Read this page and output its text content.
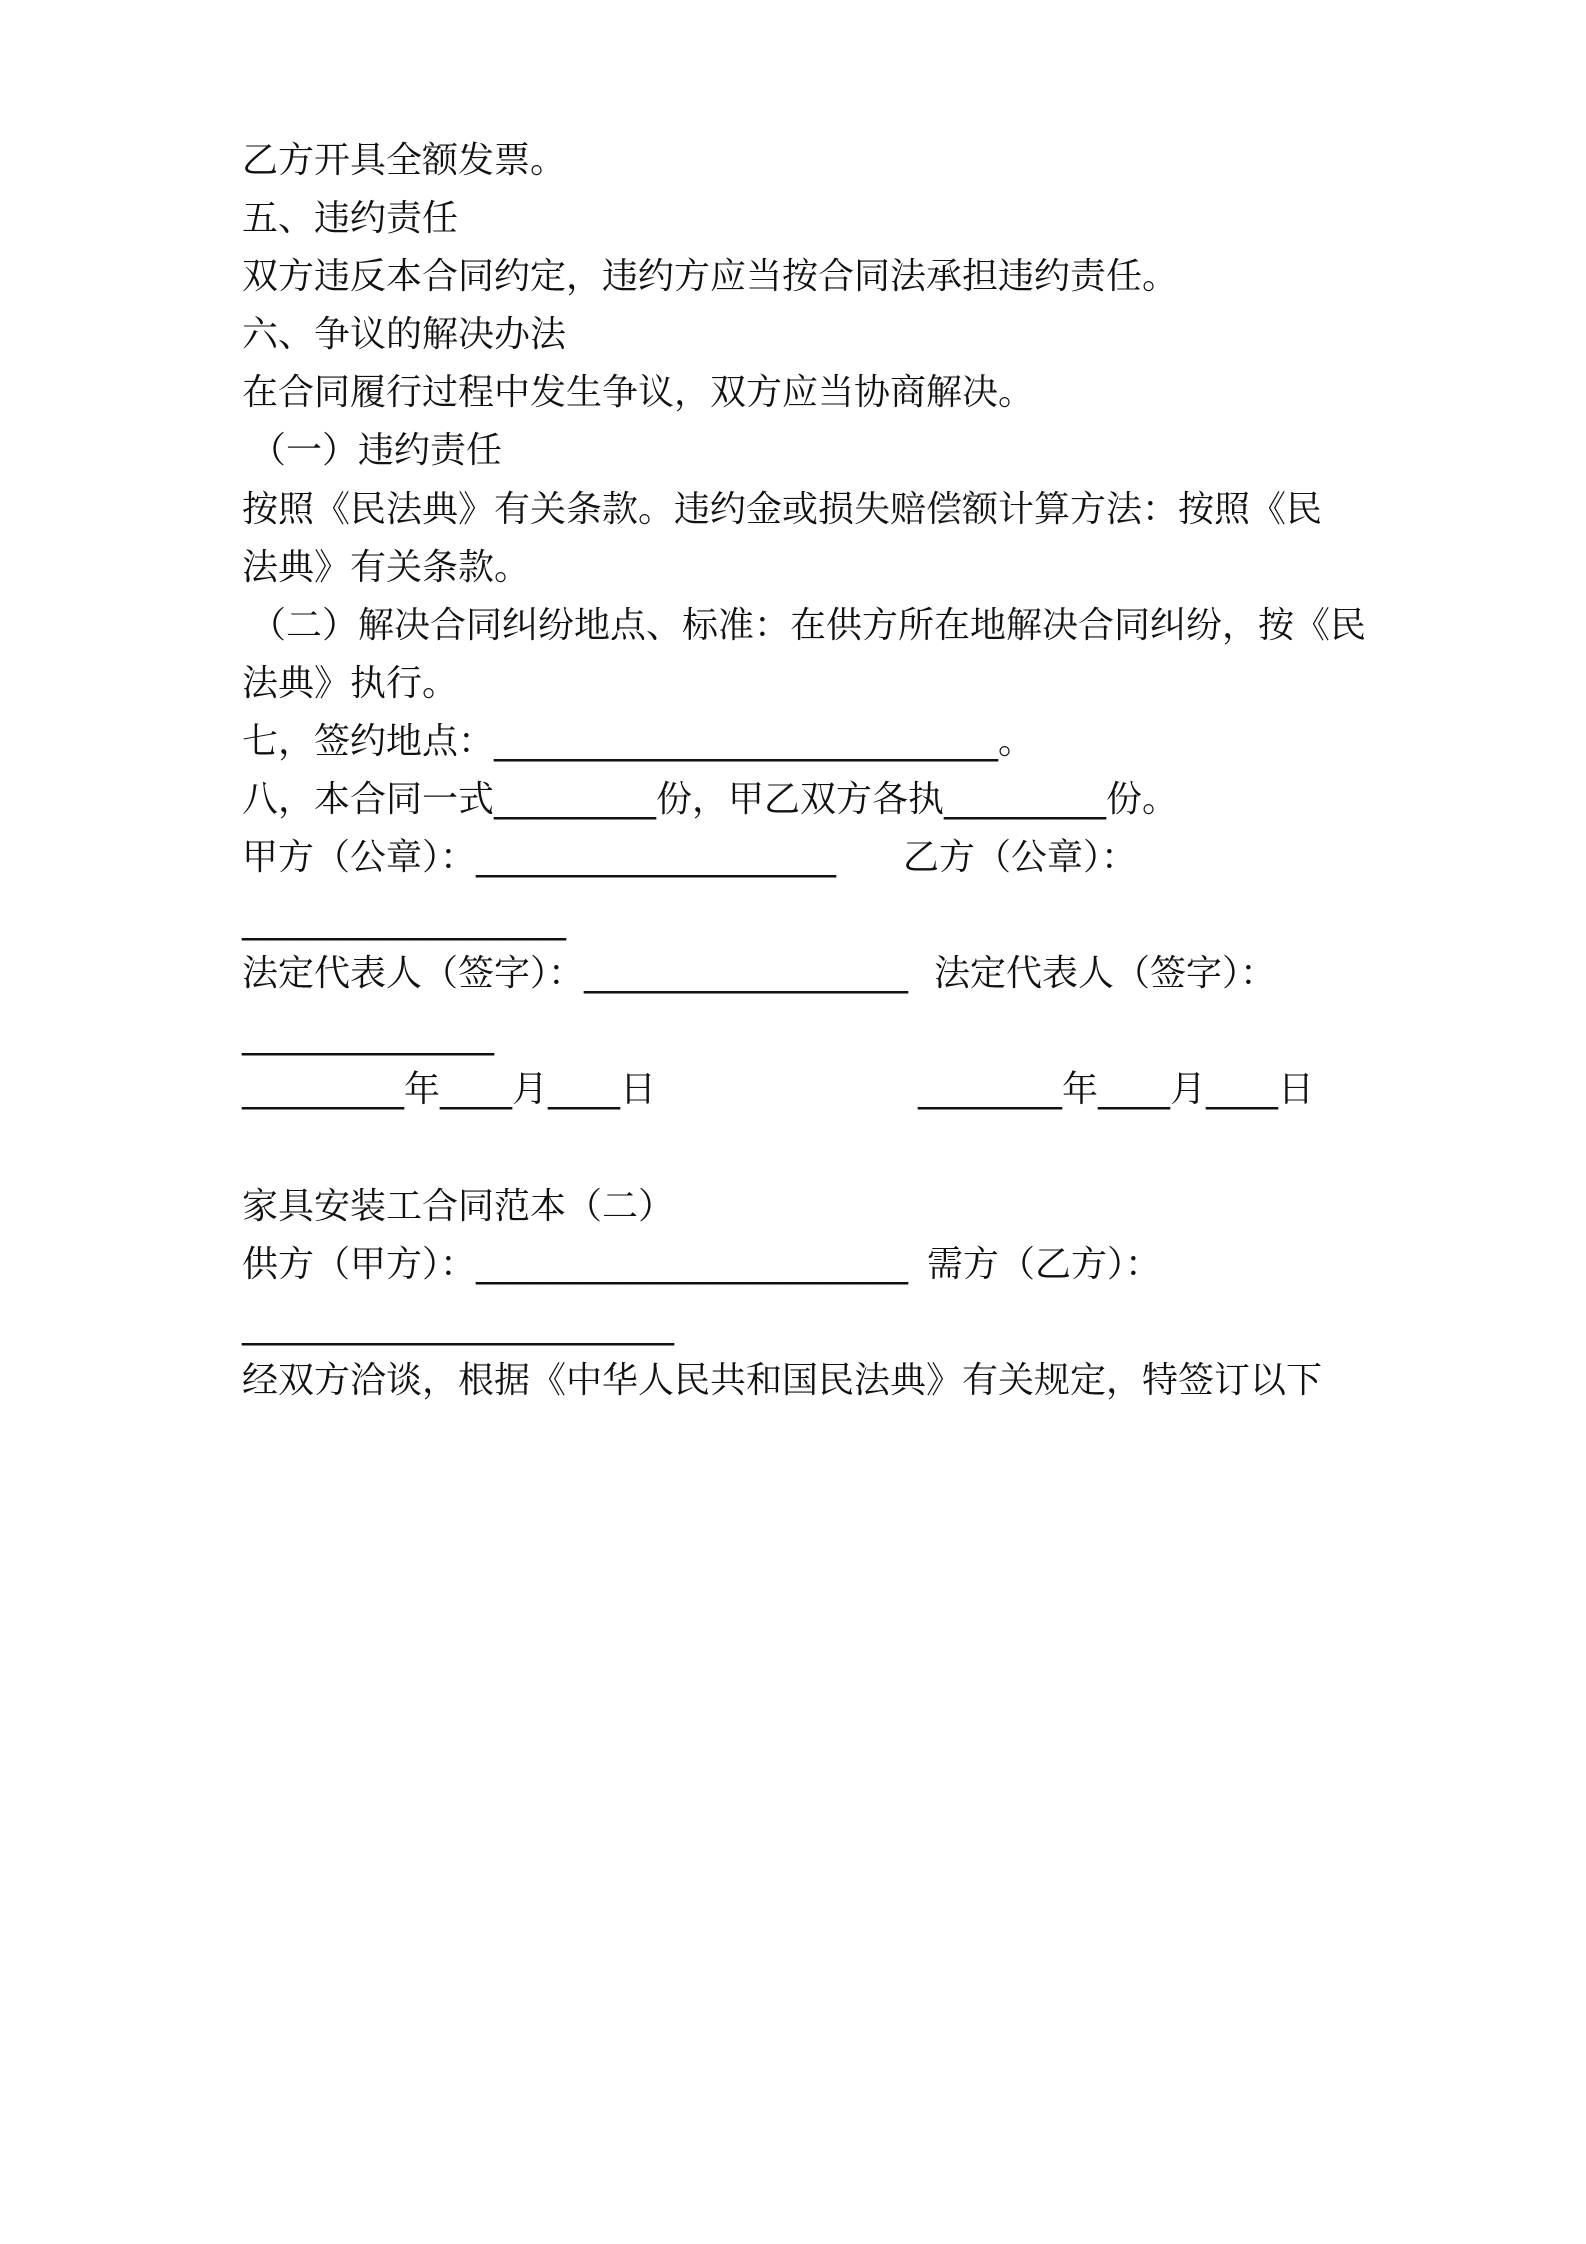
乙方开具全额发票。

五、违约责任

双方违反本合同约定，违约方应当按合同法承担违约责任。

六、争议的解决办法

在合同履行过程中发生争议，双方应当协商解决。

（一）违约责任

按照《民法典》有关条款。违约金或损失赔偿额计算方法：按照《民

法典》有关条款。

（二）解决合同纠纷地点、标准：在供方所在地解决合同纠纷，按《民

法典》执行。

七，签约地点：____________________________。

八，本合同一式_________份，甲乙双方各执_________份。

甲方（公章）：____________________ 乙方（公章）：

__________________

法定代表人（签字）：__________________ 法定代表人（签字）：

______________

_________年____月____日	________年____月____日

家具安装工合同范本（二）

供方（甲方）：________________________ 需方（乙方）：

________________________

经双方洽谈，根据《中华人民共和国民法典》有关规定，特签订以下
